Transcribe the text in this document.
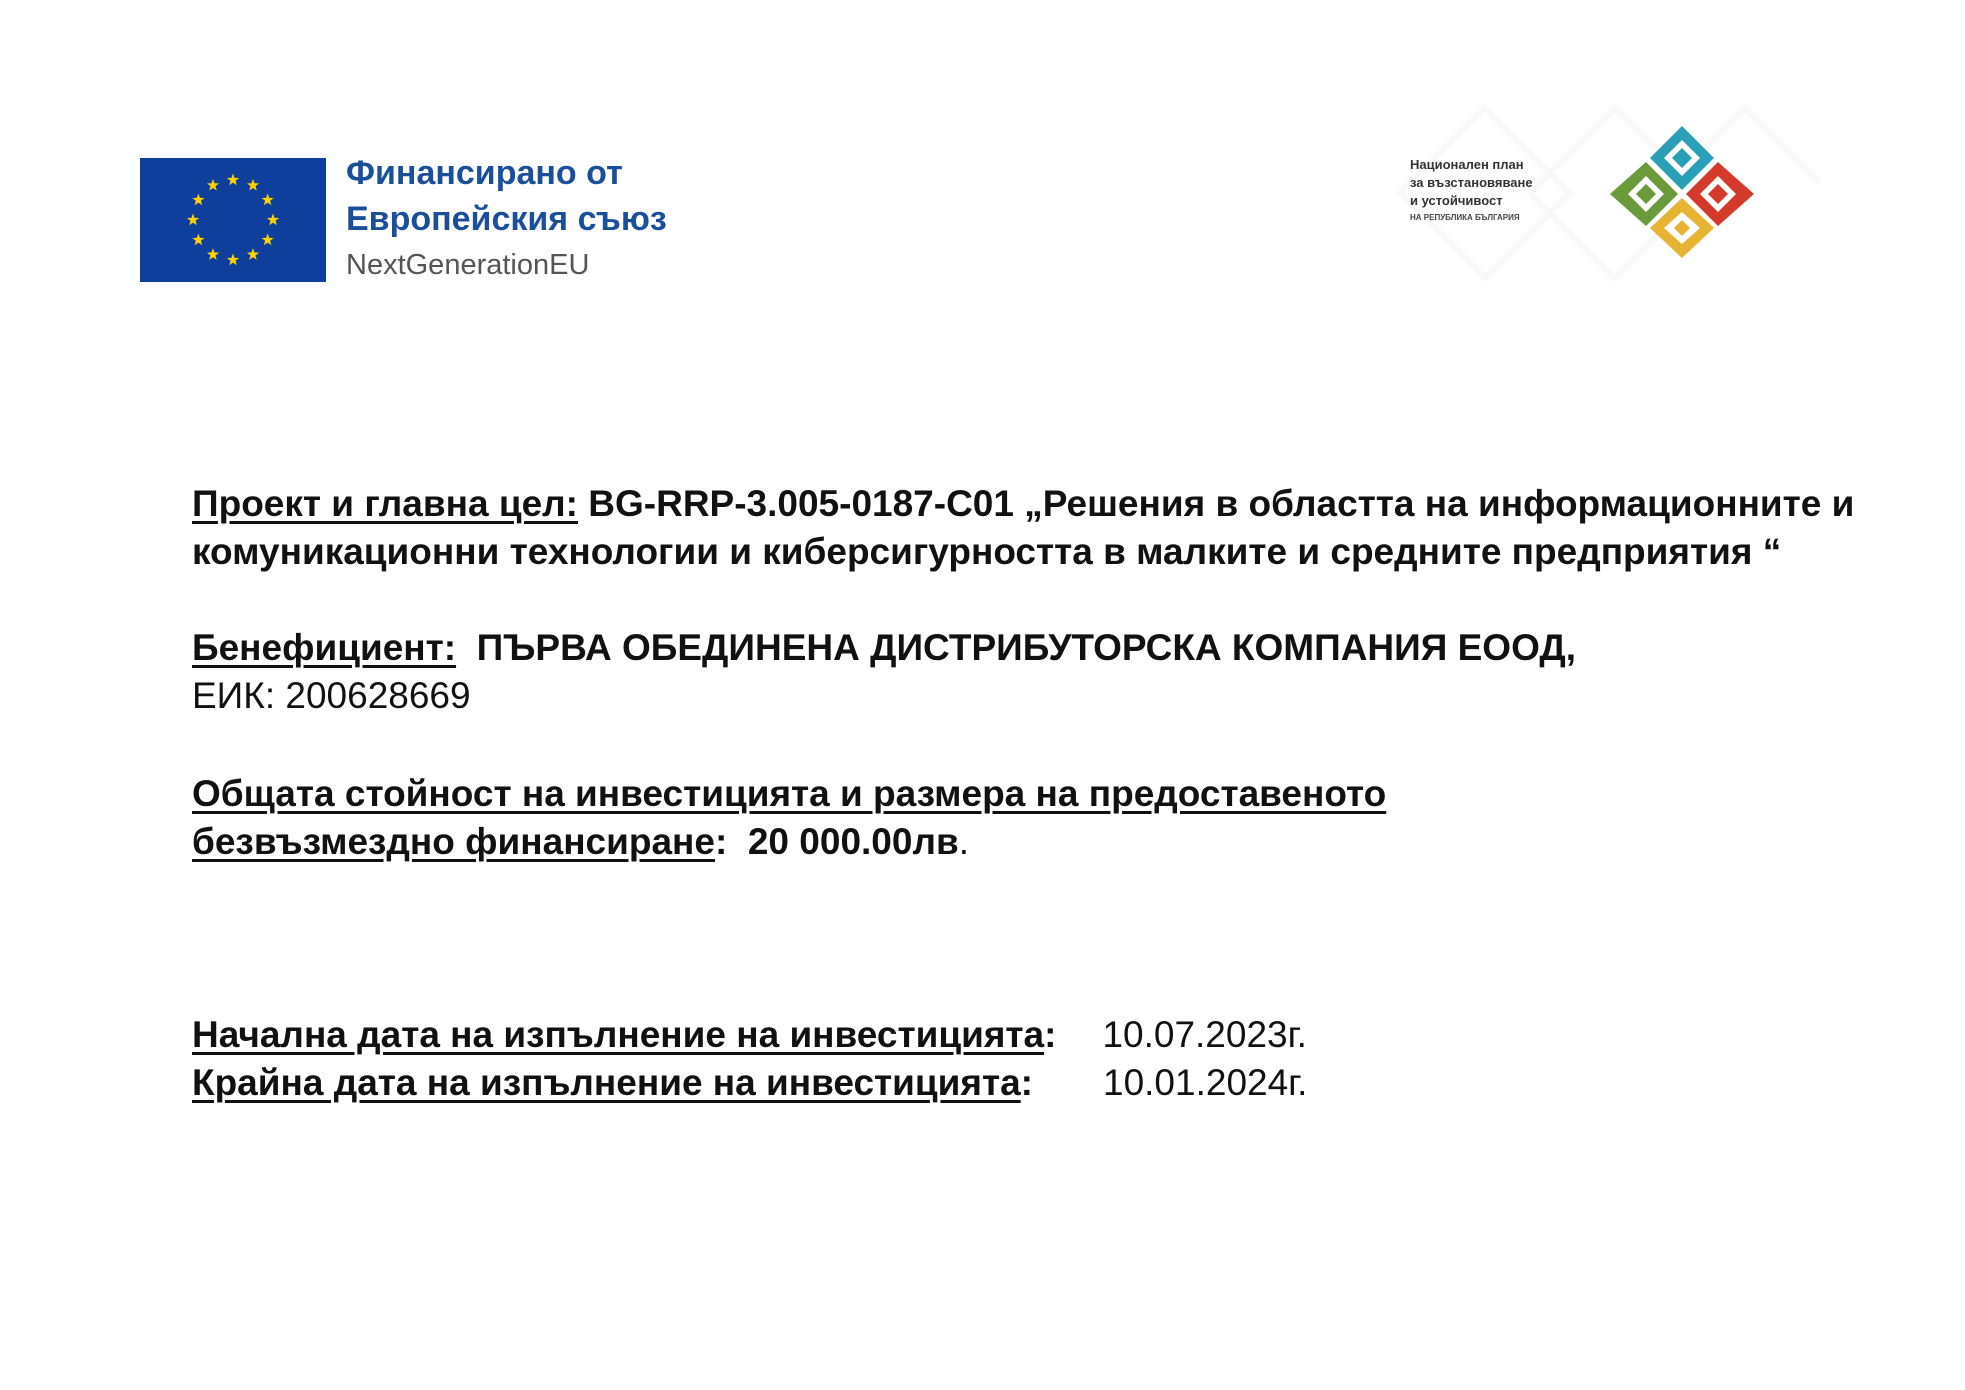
Финансирано от
Европейския съюз
NextGenerationEU
Национален план
за възстановяване
и устойчивост
НА РЕПУБЛИКА БЪЛГАРИЯ

Проект и главна цел: BG-RRP-3.005-0187-C01 „Решения в областта на информационните и комуникационни технологии и киберсигурността в малките и средните предприятия “

Бенефициент:  ПЪРВА ОБЕДИНЕНА ДИСТРИБУТОРСКА КОМПАНИЯ ЕООД,
ЕИК: 200628669

Общата стойност на инвестицията и размера на предоставеното безвъзмездно финансиране:  20 000.00лв.

Начална дата на изпълнение на инвестицията: 10.07.2023г.
Крайна дата на изпълнение на инвестицията: 10.01.2024г.
